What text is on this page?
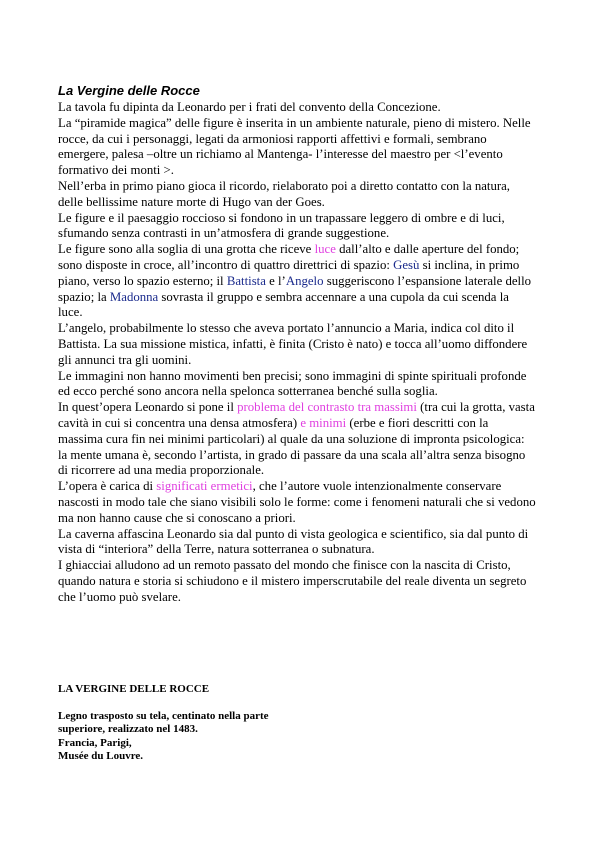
La Vergine delle Rocce

La tavola fu dipinta da Leonardo per i frati del convento della Concezione.

La “piramide magica” delle figure è inserita in un ambiente naturale, pieno di mistero. Nelle rocce, da cui i personaggi, legati da armoniosi rapporti affettivi e formali, sembrano emergere, palesa –oltre un richiamo al Mantenga- l’interesse del maestro per <l’evento formativo dei monti >.

Nell’erba in primo piano gioca il ricordo, rielaborato poi a diretto contatto con la natura, delle bellissime nature morte di Hugo van der Goes.

Le figure e il paesaggio roccioso si fondono in un trapassare leggero di ombre e di luci, sfumando senza contrasti in un’atmosfera di grande suggestione.

Le figure sono alla soglia di una grotta che riceve luce dall’alto e dalle aperture del fondo; sono disposte in croce, all’incontro di quattro direttrici di spazio: Gesù si inclina, in primo piano, verso lo spazio esterno; il Battista e l’Angelo suggeriscono l’espansione laterale dello spazio; la Madonna sovrasta il gruppo e sembra accennare a una cupola da cui scenda la luce.

L’angelo, probabilmente lo stesso che aveva portato l’annuncio a Maria, indica col dito il Battista. La sua missione mistica, infatti, è finita (Cristo è nato) e tocca all’uomo diffondere gli annunci tra gli uomini.

Le immagini non hanno movimenti ben precisi; sono immagini di spinte spirituali profonde ed ecco perché sono ancora nella spelonca sotterranea benché sulla soglia.

In quest’opera Leonardo si pone il problema del contrasto tra massimi (tra cui la grotta, vasta cavità in cui si concentra una densa atmosfera) e minimi (erbe e fiori descritti con la massima cura fin nei minimi particolari) al quale da una soluzione di impronta psicologica: la mente umana è, secondo l’artista, in grado di passare da una scala all’altra senza bisogno di ricorrere ad una media proporzionale.

L’opera è carica di significati ermetici, che l’autore vuole intenzionalmente conservare nascosti in modo tale che siano visibili solo le forme: come i fenomeni naturali che si vedono ma non hanno cause che si conoscano a priori.

La caverna affascina Leonardo sia dal punto di vista geologica e scientifico, sia dal punto di vista di “interiora” della Terre, natura sotterranea o subnatura.

I ghiacciai alludono ad un remoto passato del mondo che finisce con la nascita di Cristo, quando natura e storia si schiudono e il mistero imperscrutabile del reale diventa un segreto che l’uomo può svelare.

LA VERGINE DELLE ROCCE

Legno trasposto su tela, centinato nella parte

superiore, realizzato nel 1483.

Francia, Parigi,

Musée du Louvre.
